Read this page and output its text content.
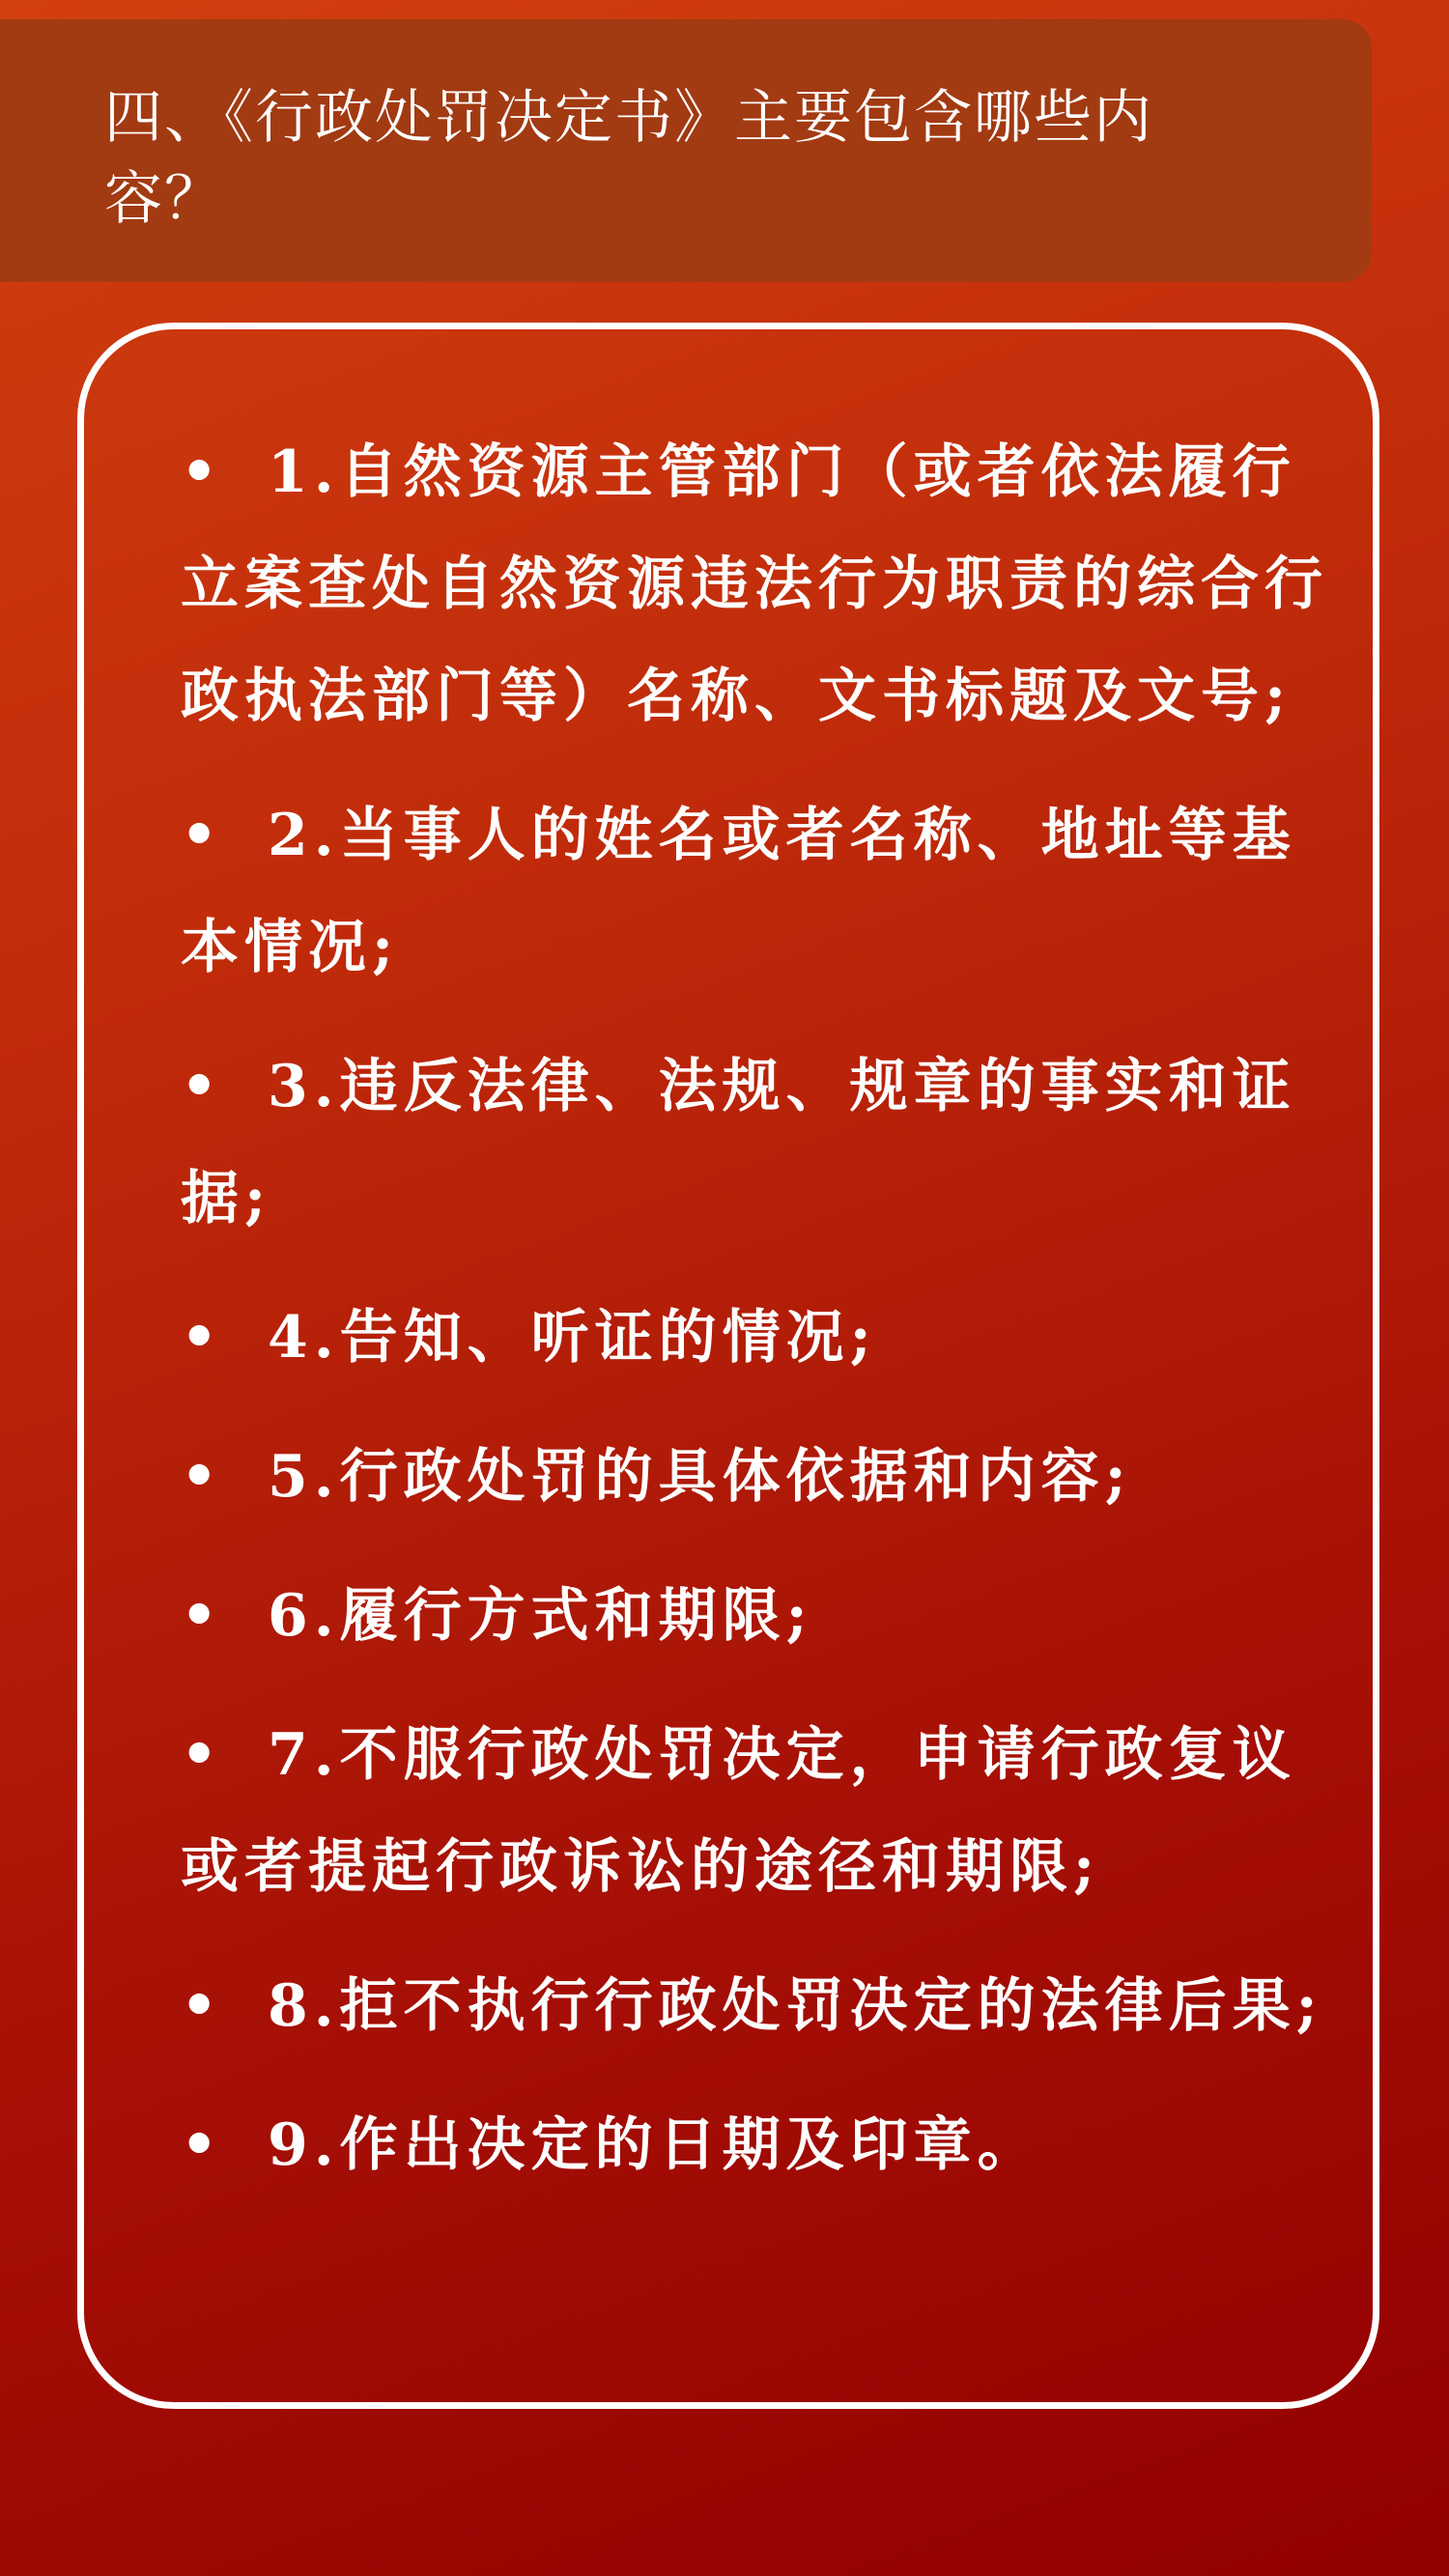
四、《行政处罚决定书》主要包含哪些内容？
• 1.自然资源主管部门（或者依法履行立案查处自然资源违法行为职责的综合行政执法部门等）名称、文书标题及文号;
• 2.当事人的姓名或者名称、地址等基本情况;
• 3.违反法律、法规、规章的事实和证据;
• 4.告知、听证的情况;
• 5.行政处罚的具体依据和内容;
• 6.履行方式和期限;
• 7.不服行政处罚决定，申请行政复议或者提起行政诉讼的途径和期限;
• 8.拒不执行行政处罚决定的法律后果;
• 9.作出决定的日期及印章。
